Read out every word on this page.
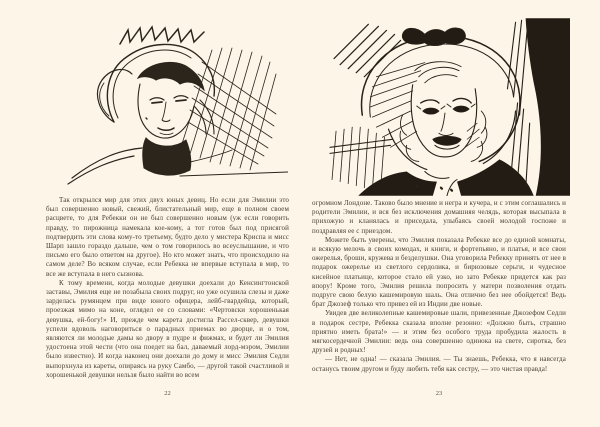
Так открылся мир для этих двух юных девиц. Но если для Эмилии это был совершенно новый, свежий, блистательный мир, еще в полном своем расцвете, то для Ребекки он не был совершенно новым (уж если говорить правду, то пирожница намекала кое-кому, а тот готов был под присягой подтвердить эти слова кому-то третьему, будто дело у мистера Криспа и мисс Шарп зашло гораздо дальше, чем о том говорилось во всеуслышание, и что письмо его было ответом на другое). Но кто может знать, что происходило на самом деле? Во всяком случае, если Ребекка не впервые вступала в мир, то все же вступала в него сызнова.

К тому времени, когда молодые девушки доехали до Кенсингтонской заставы, Эмилия еще не позабыла своих подруг, но уже осушила слезы и даже зарделась румянцем при виде юного офицера, лейб-гвардейца, который, проезжая мимо на коне, оглядел ее со словами: «Чертовски хорошенькая девушка, ей-богу!» И, прежде чем карета достигла Рассел-сквер, девушки успели вдоволь наговориться о парадных приемах во дворце, и о том, являются ли молодые дамы ко двору в пудре и фижмах, и будет ли Эмилия удостоена этой чести (что она поедет на бал, даваемый лорд-мэром, Эмилии было известно). И когда наконец они доехали до дому и мисс Эмилия Седли выпорхнула из кареты, опираясь на руку Самбо, — другой такой счастливой и хорошенькой девушки нельзя было найти во всем

22

огромном Лондоне. Таково было мнение и негра и кучера, и с этим соглашались и родители Эмилии, и вся без исключения домашняя челядь, которая высыпала в прихожую и кланялась и приседала, улыбаясь своей молодой госпоже и поздравляя ее с приездом.

Можете быть уверены, что Эмилия показала Ребекке все до единой комнаты, и всякую мелочь в своих комодах, и книги, и фортепьяно, и платья, и все свои ожерелья, броши, кружева и безделушки. Она уговорила Ребекку принять от нее в подарок ожерелье из светлого сердолика, и бирюзовые серьги, и чудесное кисейное платьице, которое стало ей узко, но зато Ребекке придется как раз впору! Кроме того, Эмилия решила попросить у матери позволения отдать подруге свою белую кашемировую шаль. Она отлично без нее обойдется! Ведь брат Джозеф только что привез ей из Индии две новые.

Увидев две великолепные кашемировые шали, привезенные Джозефом Седли в подарок сестре, Ребекка сказала вполне резонно: «Должно быть, страшно приятно иметь брата!» — и этим без особого труда пробудила жалость в мягкосердечной Эмилии: ведь она совершенно одинока на свете, сиротка, без друзей и родных!

— Нет, не одна! — сказала Эмилия. — Ты знаешь, Ребекка, что я навсегда останусь твоим другом и буду любить тебя как сестру, — это чистая правда!

23
